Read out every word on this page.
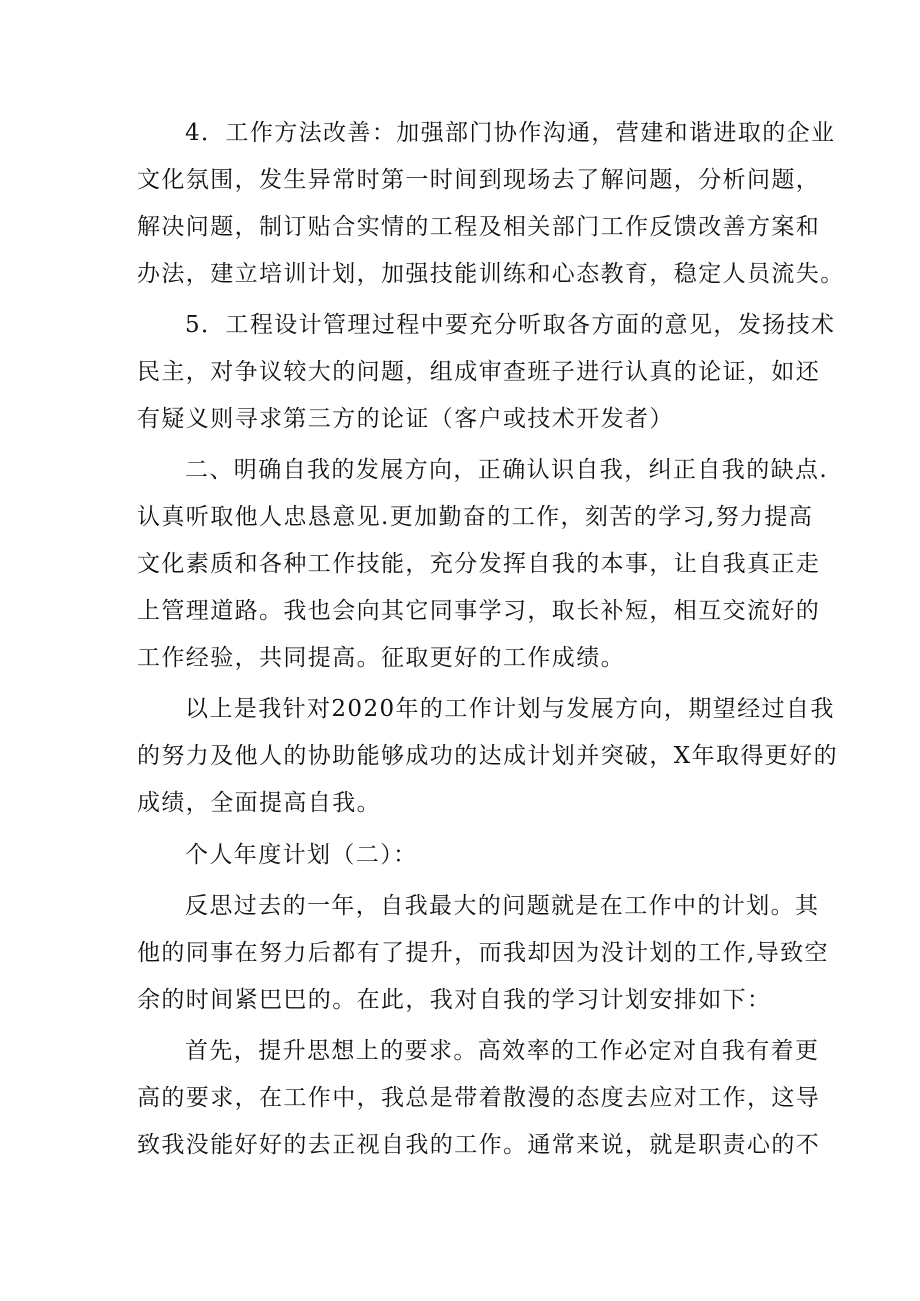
4．工作方法改善：加强部门协作沟通，营建和谐进取的企业
文化氛围，发生异常时第一时间到现场去了解问题，分析问题，
解决问题，制订贴合实情的工程及相关部门工作反馈改善方案和
办法，建立培训计划，加强技能训练和心态教育，稳定人员流失。
5．工程设计管理过程中要充分听取各方面的意见，发扬技术
民主，对争议较大的问题，组成审查班子进行认真的论证，如还
有疑义则寻求第三方的论证（客户或技术开发者）
二、明确自我的发展方向，正确认识自我，纠正自我的缺点.
认真听取他人忠恳意见.更加勤奋的工作，刻苦的学习,努力提高
文化素质和各种工作技能，充分发挥自我的本事，让自我真正走
上管理道路。我也会向其它同事学习，取长补短，相互交流好的
工作经验，共同提高。征取更好的工作成绩。
以上是我针对2020年的工作计划与发展方向，期望经过自我
的努力及他人的协助能够成功的达成计划并突破，X年取得更好的
成绩，全面提高自我。
个人年度计划（二）：
反思过去的一年，自我最大的问题就是在工作中的计划。其
他的同事在努力后都有了提升，而我却因为没计划的工作,导致空
余的时间紧巴巴的。在此，我对自我的学习计划安排如下：
首先，提升思想上的要求。高效率的工作必定对自我有着更
高的要求，在工作中，我总是带着散漫的态度去应对工作，这导
致我没能好好的去正视自我的工作。通常来说，就是职责心的不
